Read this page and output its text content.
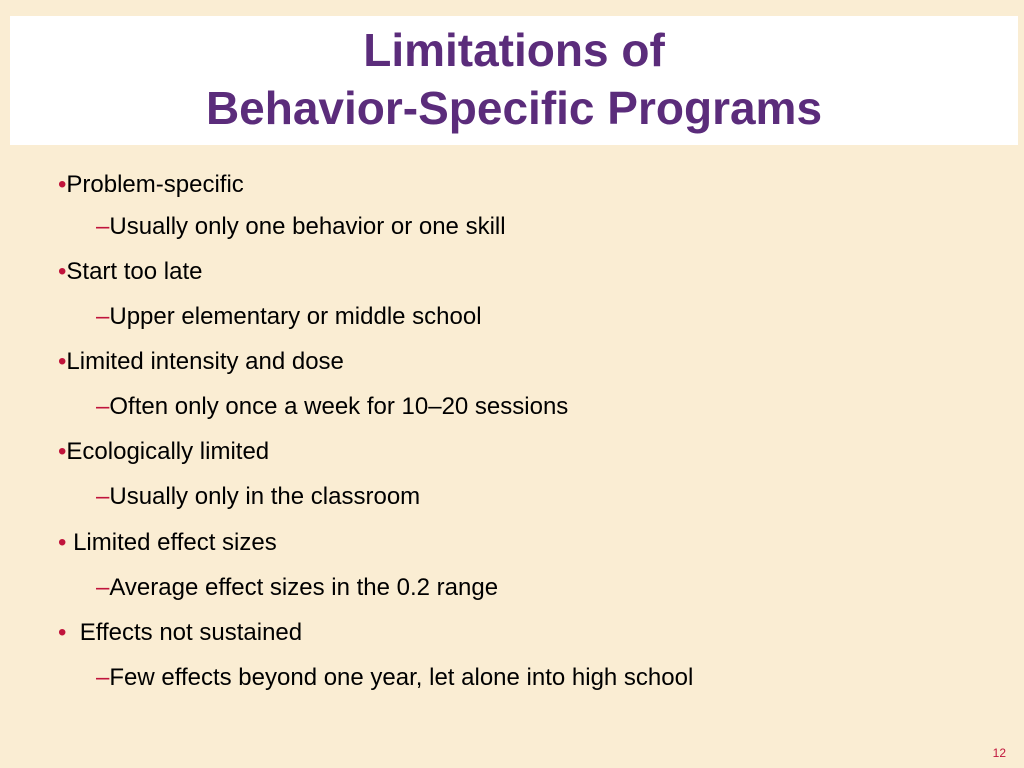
Limitations of
Behavior-Specific Programs
•Problem-specific
–Usually only one behavior or one skill
•Start too late
–Upper elementary or middle school
•Limited intensity and dose
–Often only once a week for 10–20 sessions
•Ecologically limited
–Usually only in the classroom
• Limited effect sizes
–Average effect sizes in the 0.2 range
•  Effects not sustained
–Few effects beyond one year, let alone into high school
12
